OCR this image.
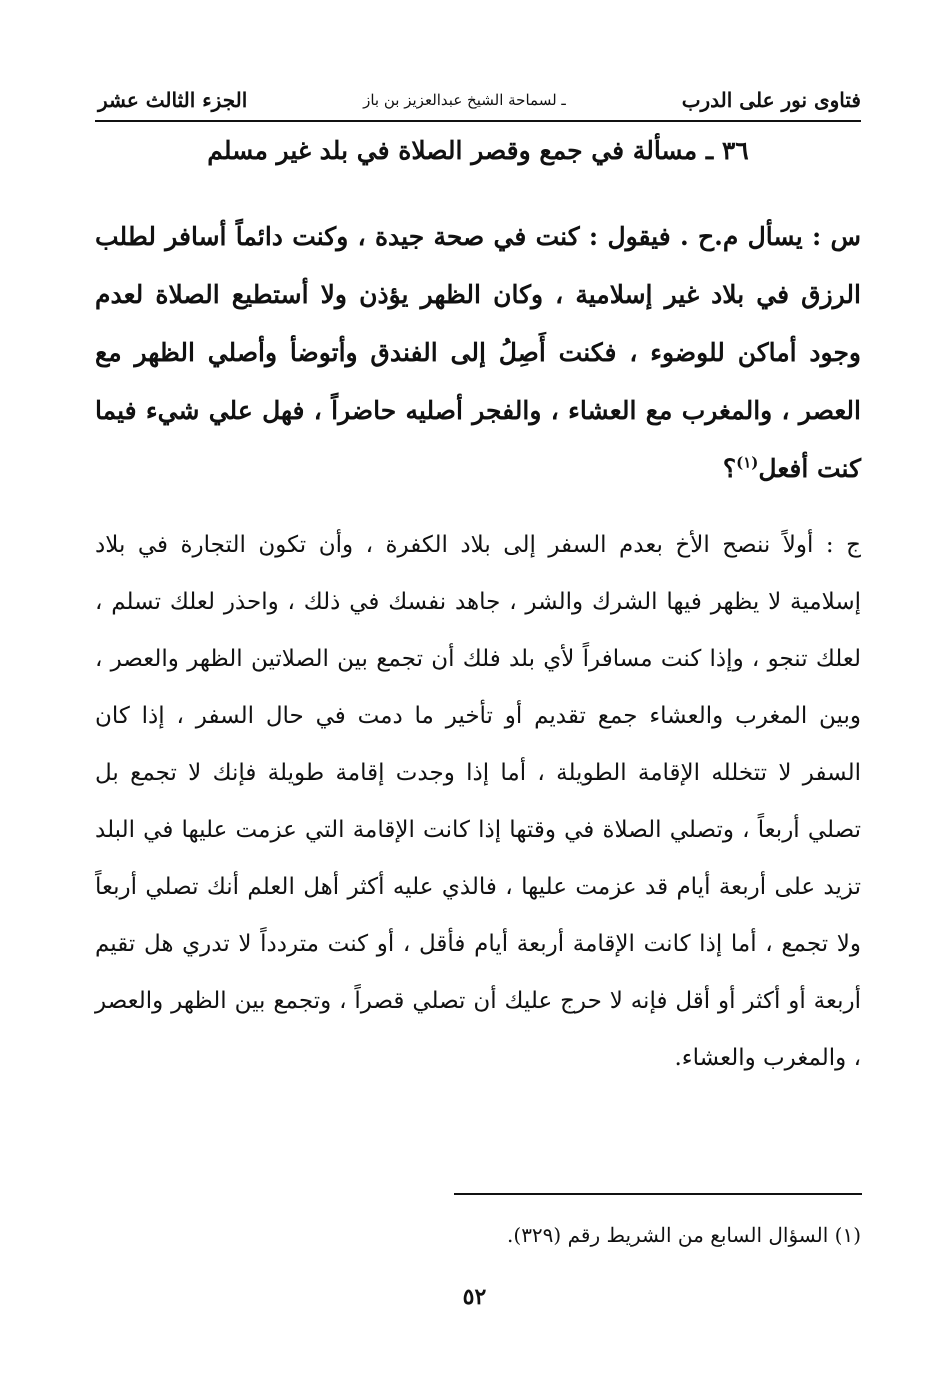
فتاوى نور على الدرب
ـ لسماحة الشيخ عبدالعزيز بن باز
الجزء الثالث عشر
٣٦ ـ مسألة في جمع وقصر الصلاة في بلد غير مسلم
س : يسأل م.ح . فيقول : كنت في صحة جيدة ، وكنت دائماً أسافر لطلب الرزق في بلاد غير إسلامية ، وكان الظهر يؤذن ولا أستطيع الصلاة لعدم وجود أماكن للوضوء ، فكنت أَصِلُ إلى الفندق وأتوضأ وأصلي الظهر مع العصر ، والمغرب مع العشاء ، والفجر أصليه حاضراً ، فهل علي شيء فيما كنت أفعل$^{(١)}$؟
ج : أولاً ننصح الأخ بعدم السفر إلى بلاد الكفرة ، وأن تكون التجارة في بلاد إسلامية لا يظهر فيها الشرك والشر ، جاهد نفسك في ذلك ، واحذر لعلك تسلم ، لعلك تنجو ، وإذا كنت مسافراً لأي بلد فلك أن تجمع بين الصلاتين الظهر والعصر ، وبين المغرب والعشاء جمع تقديم أو تأخير ما دمت في حال السفر ، إذا كان السفر لا تتخلله الإقامة الطويلة ، أما إذا وجدت إقامة طويلة فإنك لا تجمع بل تصلي أربعاً ، وتصلي الصلاة في وقتها إذا كانت الإقامة التي عزمت عليها في البلد تزيد على أربعة أيام قد عزمت عليها ، فالذي عليه أكثر أهل العلم أنك تصلي أربعاً ولا تجمع ، أما إذا كانت الإقامة أربعة أيام فأقل ، أو كنت متردداً لا تدري هل تقيم أربعة أو أكثر أو أقل فإنه لا حرج عليك أن تصلي قصراً ، وتجمع بين الظهر والعصر ، والمغرب والعشاء.
(١) السؤال السابع من الشريط رقم (٣٢٩).
٥٢
